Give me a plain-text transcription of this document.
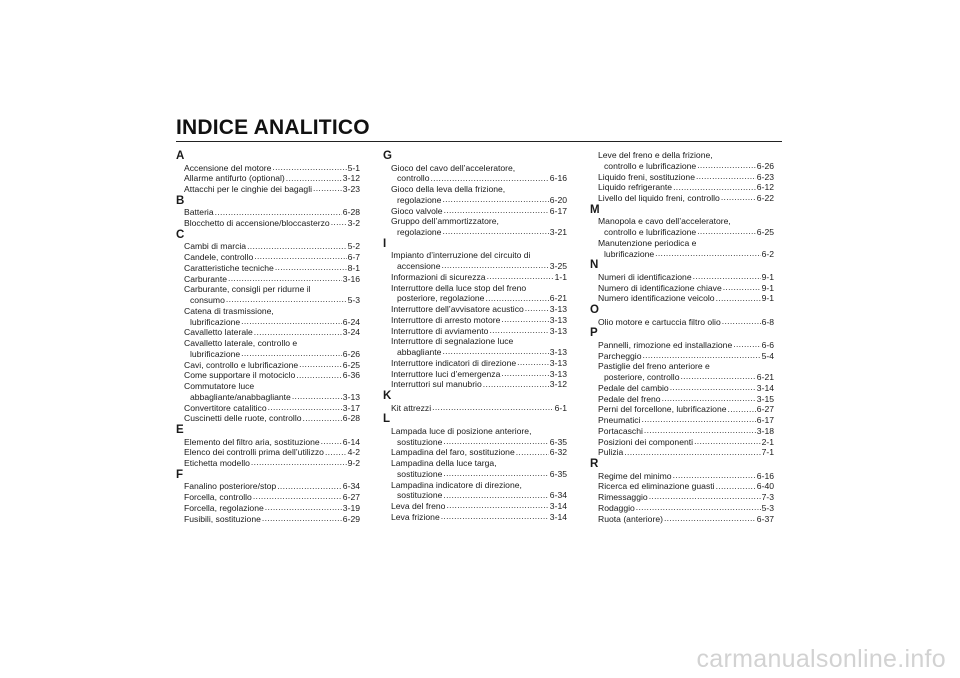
INDICE ANALITICO
A
Accensione del motore .....	5-1
Allarme antifurto (optional) .....	3-12
Attacchi per le cinghie dei bagagli .....	3-23
B
Batteria .....	6-28
Blocchetto di accensione/bloccasterzo ..... 3-2
C
Cambi di marcia .....	5-2
Candele, controllo .....	6-7
Caratteristiche tecniche .....	8-1
Carburante .....	3-16
Carburante, consigli per ridurne il
consumo .....	5-3
Catena di trasmissione,
lubrificazione .....	6-24
Cavalletto laterale .....	3-24
Cavalletto laterale, controllo e
lubrificazione .....	6-26
Cavi, controllo e lubrificazione .....	6-25
Come supportare il motociclo .....	6-36
Commutatore luce
abbagliante/anabbagliante .....	3-13
Convertitore catalitico .....	3-17
Cuscinetti delle ruote, controllo .....	6-28
E
Elemento del filtro aria, sostituzione .....	6-14
Elenco dei controlli prima dell’utilizzo .....	4-2
Etichetta modello .....	9-2
F
Fanalino posteriore/stop .....	6-34
Forcella, controllo .....	6-27
Forcella, regolazione .....	3-19
Fusibili, sostituzione .....	6-29
G
Gioco del cavo dell’acceleratore,
controllo .....	6-16
Gioco della leva della frizione,
regolazione .....	6-20
Gioco valvole .....	6-17
Gruppo dell’ammortizzatore,
regolazione .....	3-21
I
Impianto d’interruzione del circuito di
accensione .....	3-25
Informazioni di sicurezza .....	1-1
Interruttore della luce stop del freno
posteriore, regolazione .....	6-21
Interruttore dell’avvisatore acustico .....	3-13
Interruttore di arresto motore .....	3-13
Interruttore di avviamento .....	3-13
Interruttore di segnalazione luce
abbagliante .....	3-13
Interruttore indicatori di direzione .....	3-13
Interruttore luci d’emergenza .....	3-13
Interruttori sul manubrio .....	3-12
K
Kit attrezzi .....	6-1
L
Lampada luce di posizione anteriore,
sostituzione .....	6-35
Lampadina del faro, sostituzione .....	6-32
Lampadina della luce targa,
sostituzione .....	6-35
Lampadina indicatore di direzione,
sostituzione .....	6-34
Leva del freno .....	3-14
Leva frizione .....	3-14
Leve del freno e della frizione,
controllo e lubrificazione .....	6-26
Liquido freni, sostituzione .....	6-23
Liquido refrigerante .....	6-12
Livello del liquido freni, controllo .....	6-22
M
Manopola e cavo dell’acceleratore,
controllo e lubrificazione .....	6-25
Manutenzione periodica e
lubrificazione .....	6-2
N
Numeri di identificazione .....	9-1
Numero di identificazione chiave .....	9-1
Numero identificazione veicolo .....	9-1
O
Olio motore e cartuccia filtro olio .....	6-8
P
Pannelli, rimozione ed installazione .....	6-6
Parcheggio .....	5-4
Pastiglie del freno anteriore e
posteriore, controllo .....	6-21
Pedale del cambio .....	3-14
Pedale del freno .....	3-15
Perni del forcellone, lubrificazione .....	6-27
Pneumatici .....	6-17
Portacaschi .....	3-18
Posizioni dei componenti .....	2-1
Pulizia .....	7-1
R
Regime del minimo .....	6-16
Ricerca ed eliminazione guasti .....	6-40
Rimessaggio .....	7-3
Rodaggio .....	5-3
Ruota (anteriore) .....	6-37
carmanualsonline.info
